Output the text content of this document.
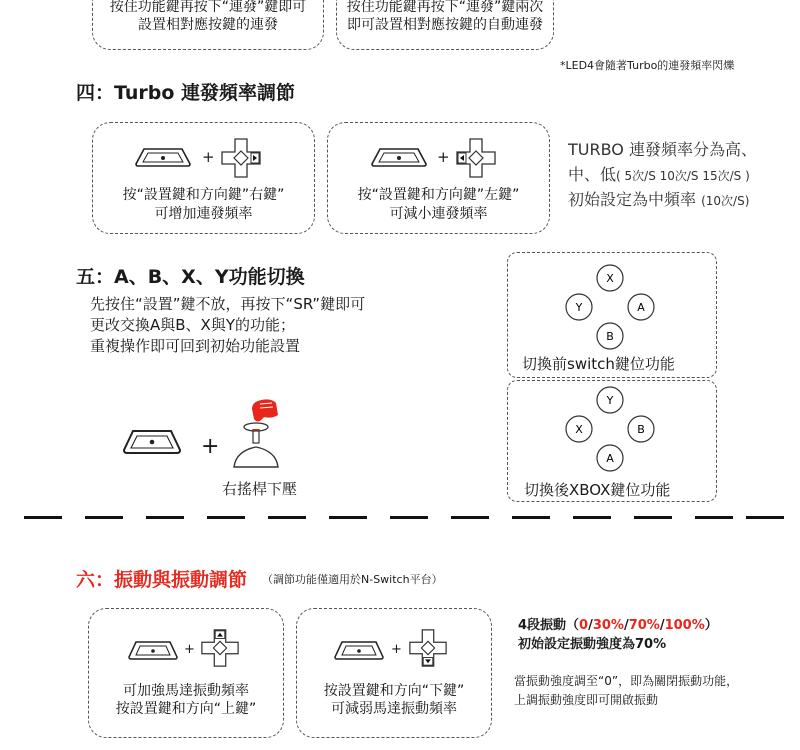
按住功能鍵再按下“連發”鍵即可
設置相對應按鍵的連發
按住功能鍵再按下“連發”鍵兩次
即可設置相對應按鍵的自動連發
*LED4會隨著Turbo的連發頻率閃爍
四：Turbo 連發頻率調節
+
按“設置鍵和方向鍵”右鍵”
可增加連發頻率
+
按“設置鍵和方向鍵”左鍵”
可減小連發頻率
TURBO 連發頻率分為高、
中、低( 5次/S 10次/S 15次/S )
初始設定為中頻率 (10次/S)
五：A、B、X、Y功能切換
先按住“設置”鍵不放，再按下“SR”鍵即可
更改交換A與B、X與Y的功能；
重複操作即可回到初始功能設置
+
右搖桿下壓
X
Y	A
B
切換前switch鍵位功能
Y
X	B
A
切換後XBOX鍵位功能
六：振動與振動調節 （調節功能僅適用於N-Switch平台）
+
可加強馬達振動頻率
按設置鍵和方向“上鍵”
+
按設置鍵和方向“下鍵”
可減弱馬達振動頻率
4段振動（0/30%/70%/100%）
初始設定振動強度為70%
當振動強度調至“0”，即為關閉振動功能，
上調振動強度即可開啟振動
